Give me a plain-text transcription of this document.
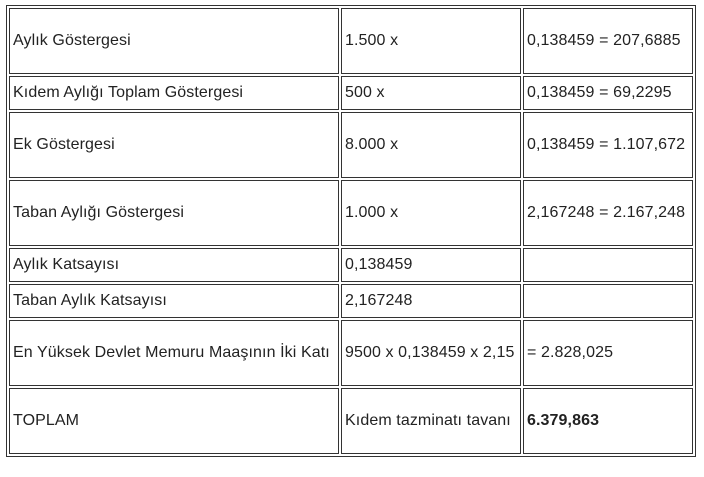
Aylık Göstergesi	1.500 x	0,138459 = 207,6885
Kıdem Aylığı Toplam Göstergesi	500 x	0,138459 = 69,2295
Ek Göstergesi	8.000 x	0,138459 = 1.107,672
Taban Aylığı Göstergesi	1.000 x	2,167248 = 2.167,248
Aylık Katsayısı	0,138459	
Taban Aylık Katsayısı	2,167248	
En Yüksek Devlet Memuru Maaşının İki Katı	9500 x 0,138459 x 2,15	= 2.828,025
TOPLAM	Kıdem tazminatı tavanı	6.379,863
